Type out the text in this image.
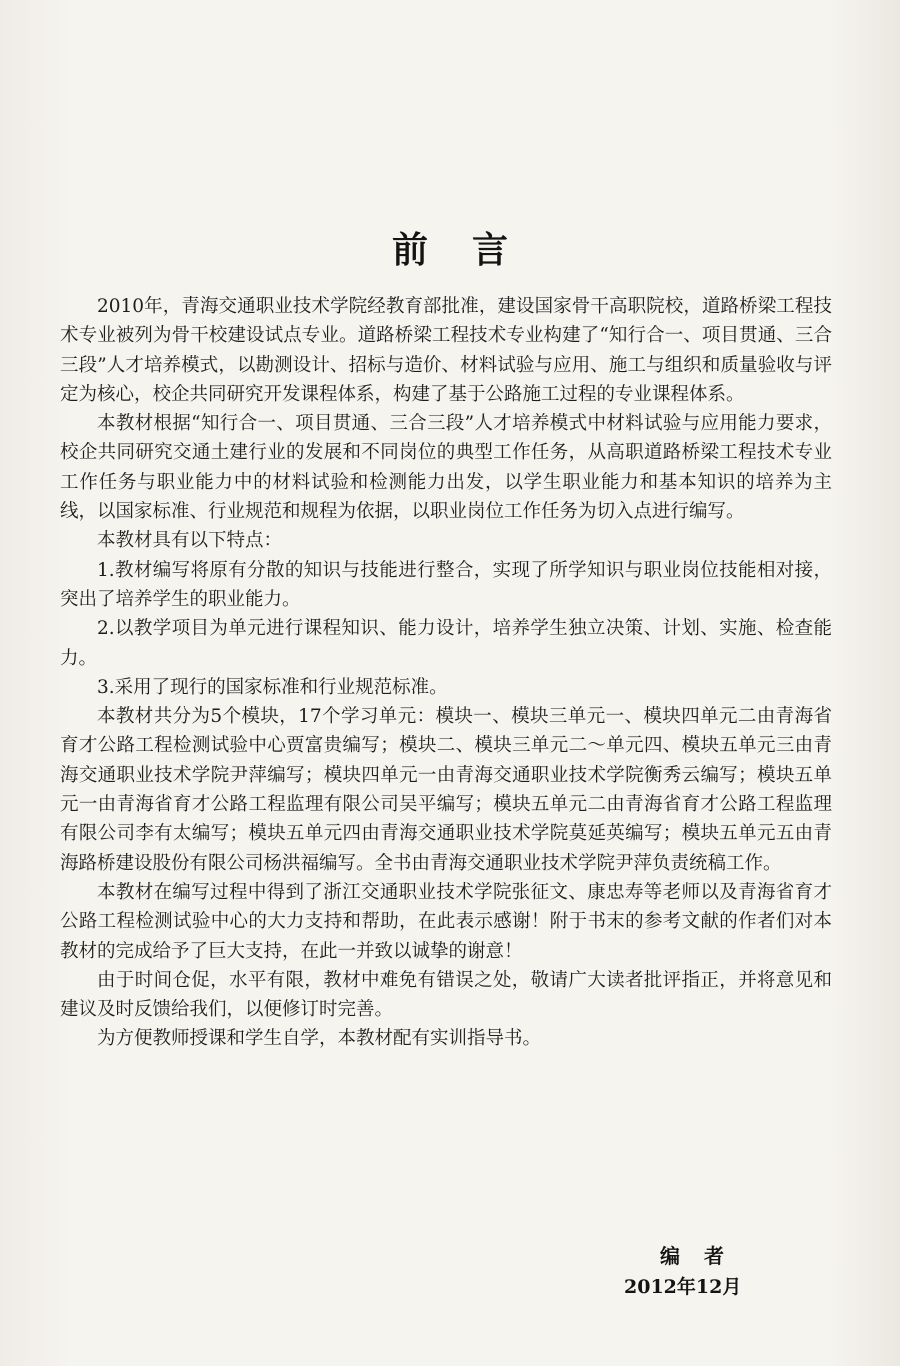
前言

2010年，青海交通职业技术学院经教育部批准，建设国家骨干高职院校，道路桥梁工程技术专业被列为骨干校建设试点专业。道路桥梁工程技术专业构建了“知行合一、项目贯通、三合三段”人才培养模式，以勘测设计、招标与造价、材料试验与应用、施工与组织和质量验收与评定为核心，校企共同研究开发课程体系，构建了基于公路施工过程的专业课程体系。

本教材根据“知行合一、项目贯通、三合三段”人才培养模式中材料试验与应用能力要求，校企共同研究交通土建行业的发展和不同岗位的典型工作任务，从高职道路桥梁工程技术专业工作任务与职业能力中的材料试验和检测能力出发，以学生职业能力和基本知识的培养为主线，以国家标准、行业规范和规程为依据，以职业岗位工作任务为切入点进行编写。

本教材具有以下特点：

1.教材编写将原有分散的知识与技能进行整合，实现了所学知识与职业岗位技能相对接，突出了培养学生的职业能力。

2.以教学项目为单元进行课程知识、能力设计，培养学生独立决策、计划、实施、检查能力。

3.采用了现行的国家标准和行业规范标准。

本教材共分为5个模块，17个学习单元：模块一、模块三单元一、模块四单元二由青海省育才公路工程检测试验中心贾富贵编写；模块二、模块三单元二～单元四、模块五单元三由青海交通职业技术学院尹萍编写；模块四单元一由青海交通职业技术学院衡秀云编写；模块五单元一由青海省育才公路工程监理有限公司吴平编写；模块五单元二由青海省育才公路工程监理有限公司李有太编写；模块五单元四由青海交通职业技术学院莫延英编写；模块五单元五由青海路桥建设股份有限公司杨洪福编写。全书由青海交通职业技术学院尹萍负责统稿工作。

本教材在编写过程中得到了浙江交通职业技术学院张征文、康忠寿等老师以及青海省育才公路工程检测试验中心的大力支持和帮助，在此表示感谢！附于书末的参考文献的作者们对本教材的完成给予了巨大支持，在此一并致以诚挚的谢意！

由于时间仓促，水平有限，教材中难免有错误之处，敬请广大读者批评指正，并将意见和建议及时反馈给我们，以便修订时完善。

为方便教师授课和学生自学，本教材配有实训指导书。

编者
2012年12月
